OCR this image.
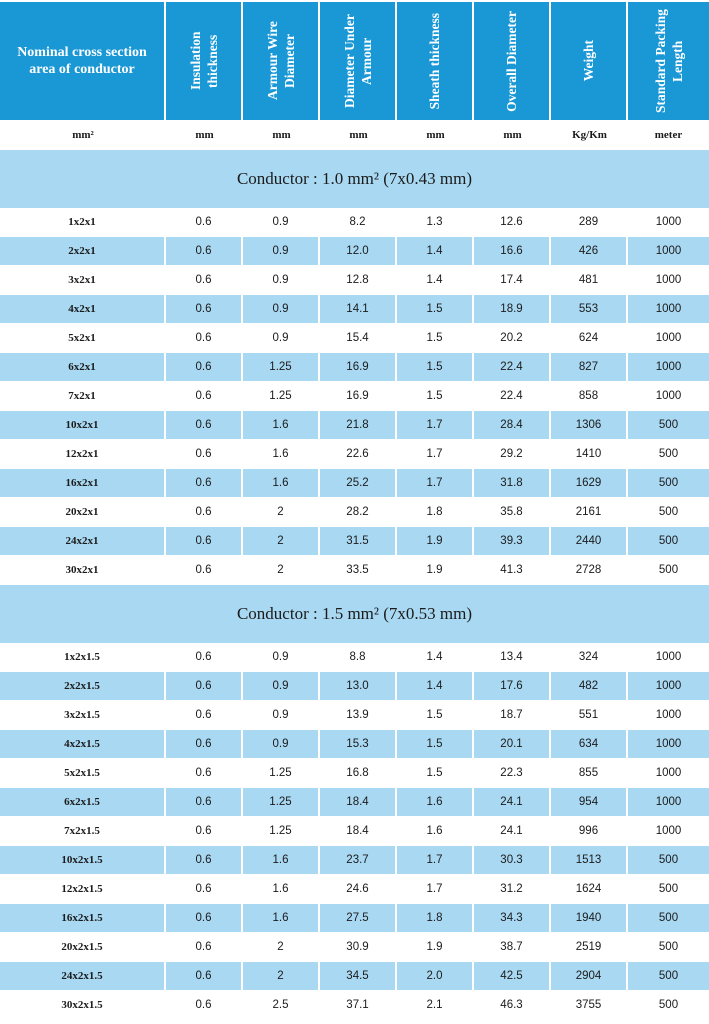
Nominal cross section area of conductor	Insulation thickness	Armour Wire Diameter	Diameter Under Armour	Sheath thickness	Overall Diameter	Weight	Standard Packing Length
mm²	mm	mm	mm	mm	mm	Kg/Km	meter
Conductor : 1.0 mm² (7x0.43 mm)
1x2x1	0.6	0.9	8.2	1.3	12.6	289	1000
2x2x1	0.6	0.9	12.0	1.4	16.6	426	1000
3x2x1	0.6	0.9	12.8	1.4	17.4	481	1000
4x2x1	0.6	0.9	14.1	1.5	18.9	553	1000
5x2x1	0.6	0.9	15.4	1.5	20.2	624	1000
6x2x1	0.6	1.25	16.9	1.5	22.4	827	1000
7x2x1	0.6	1.25	16.9	1.5	22.4	858	1000
10x2x1	0.6	1.6	21.8	1.7	28.4	1306	500
12x2x1	0.6	1.6	22.6	1.7	29.2	1410	500
16x2x1	0.6	1.6	25.2	1.7	31.8	1629	500
20x2x1	0.6	2	28.2	1.8	35.8	2161	500
24x2x1	0.6	2	31.5	1.9	39.3	2440	500
30x2x1	0.6	2	33.5	1.9	41.3	2728	500
Conductor : 1.5 mm² (7x0.53 mm)
1x2x1.5	0.6	0.9	8.8	1.4	13.4	324	1000
2x2x1.5	0.6	0.9	13.0	1.4	17.6	482	1000
3x2x1.5	0.6	0.9	13.9	1.5	18.7	551	1000
4x2x1.5	0.6	0.9	15.3	1.5	20.1	634	1000
5x2x1.5	0.6	1.25	16.8	1.5	22.3	855	1000
6x2x1.5	0.6	1.25	18.4	1.6	24.1	954	1000
7x2x1.5	0.6	1.25	18.4	1.6	24.1	996	1000
10x2x1.5	0.6	1.6	23.7	1.7	30.3	1513	500
12x2x1.5	0.6	1.6	24.6	1.7	31.2	1624	500
16x2x1.5	0.6	1.6	27.5	1.8	34.3	1940	500
20x2x1.5	0.6	2	30.9	1.9	38.7	2519	500
24x2x1.5	0.6	2	34.5	2.0	42.5	2904	500
30x2x1.5	0.6	2.5	37.1	2.1	46.3	3755	500
